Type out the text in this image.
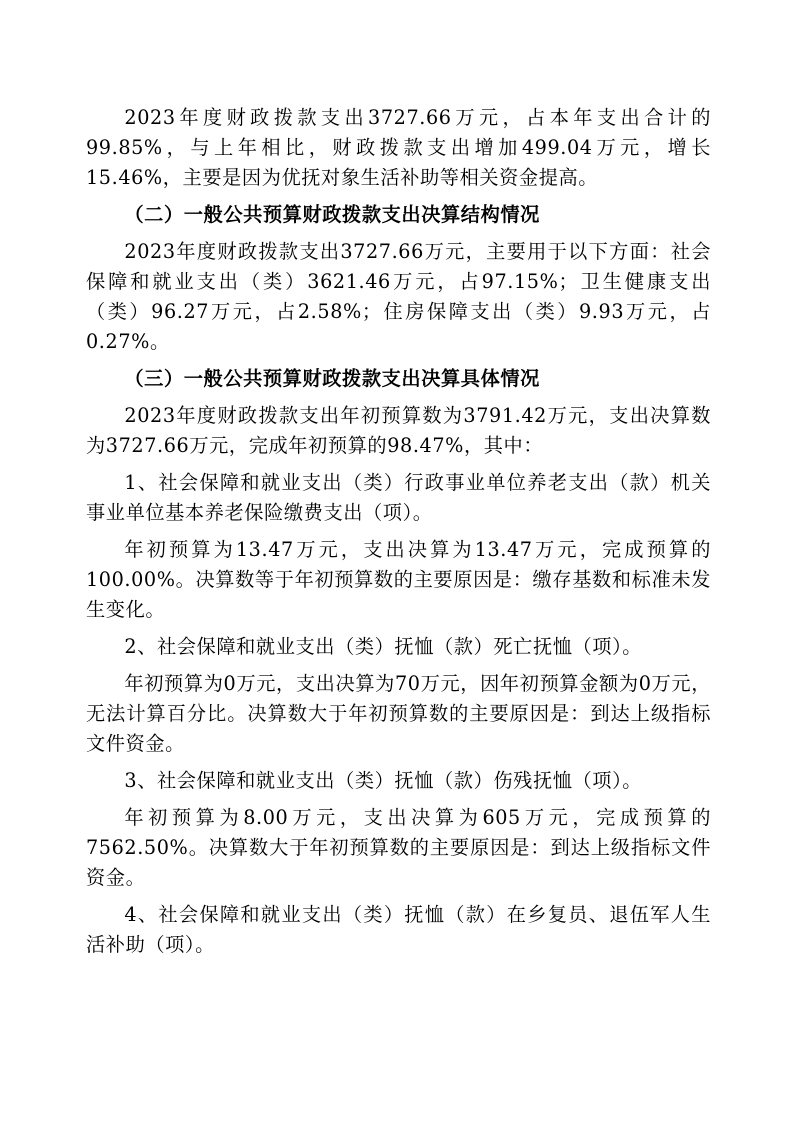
2023年度财政拨款支出3727.66万元，占本年支出合计的99.85%，与上年相比，财政拨款支出增加499.04万元，增长15.46%，主要是因为优抚对象生活补助等相关资金提高。

（二）一般公共预算财政拨款支出决算结构情况

2023年度财政拨款支出3727.66万元，主要用于以下方面：社会保障和就业支出（类）3621.46万元，占97.15%；卫生健康支出（类）96.27万元，占2.58%；住房保障支出（类）9.93万元，占0.27%。

（三）一般公共预算财政拨款支出决算具体情况

2023年度财政拨款支出年初预算数为3791.42万元，支出决算数为3727.66万元，完成年初预算的98.47%，其中：

1、社会保障和就业支出（类）行政事业单位养老支出（款）机关事业单位基本养老保险缴费支出（项）。

年初预算为13.47万元，支出决算为13.47万元，完成预算的100.00%。决算数等于年初预算数的主要原因是：缴存基数和标准未发生变化。

2、社会保障和就业支出（类）抚恤（款）死亡抚恤（项）。

年初预算为0万元，支出决算为70万元，因年初预算金额为0万元，无法计算百分比。决算数大于年初预算数的主要原因是：到达上级指标文件资金。

3、社会保障和就业支出（类）抚恤（款）伤残抚恤（项）。

年初预算为8.00万元，支出决算为605万元，完成预算的7562.50%。决算数大于年初预算数的主要原因是：到达上级指标文件资金。

4、社会保障和就业支出（类）抚恤（款）在乡复员、退伍军人生活补助（项）。
